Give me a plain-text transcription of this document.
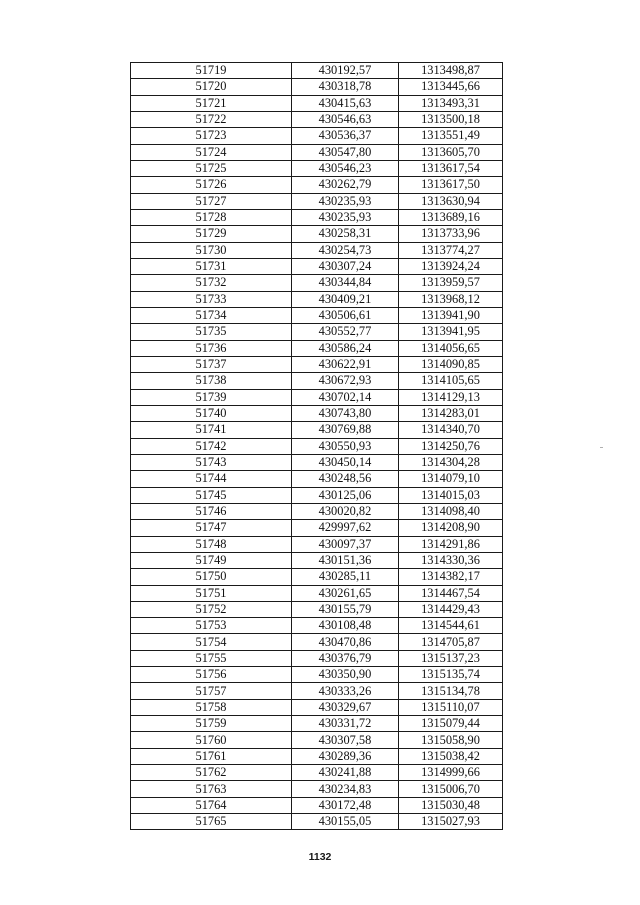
51719	430192,57	1313498,87
51720	430318,78	1313445,66
51721	430415,63	1313493,31
51722	430546,63	1313500,18
51723	430536,37	1313551,49
51724	430547,80	1313605,70
51725	430546,23	1313617,54
51726	430262,79	1313617,50
51727	430235,93	1313630,94
51728	430235,93	1313689,16
51729	430258,31	1313733,96
51730	430254,73	1313774,27
51731	430307,24	1313924,24
51732	430344,84	1313959,57
51733	430409,21	1313968,12
51734	430506,61	1313941,90
51735	430552,77	1313941,95
51736	430586,24	1314056,65
51737	430622,91	1314090,85
51738	430672,93	1314105,65
51739	430702,14	1314129,13
51740	430743,80	1314283,01
51741	430769,88	1314340,70
51742	430550,93	1314250,76
51743	430450,14	1314304,28
51744	430248,56	1314079,10
51745	430125,06	1314015,03
51746	430020,82	1314098,40
51747	429997,62	1314208,90
51748	430097,37	1314291,86
51749	430151,36	1314330,36
51750	430285,11	1314382,17
51751	430261,65	1314467,54
51752	430155,79	1314429,43
51753	430108,48	1314544,61
51754	430470,86	1314705,87
51755	430376,79	1315137,23
51756	430350,90	1315135,74
51757	430333,26	1315134,78
51758	430329,67	1315110,07
51759	430331,72	1315079,44
51760	430307,58	1315058,90
51761	430289,36	1315038,42
51762	430241,88	1314999,66
51763	430234,83	1315006,70
51764	430172,48	1315030,48
51765	430155,05	1315027,93
1132
